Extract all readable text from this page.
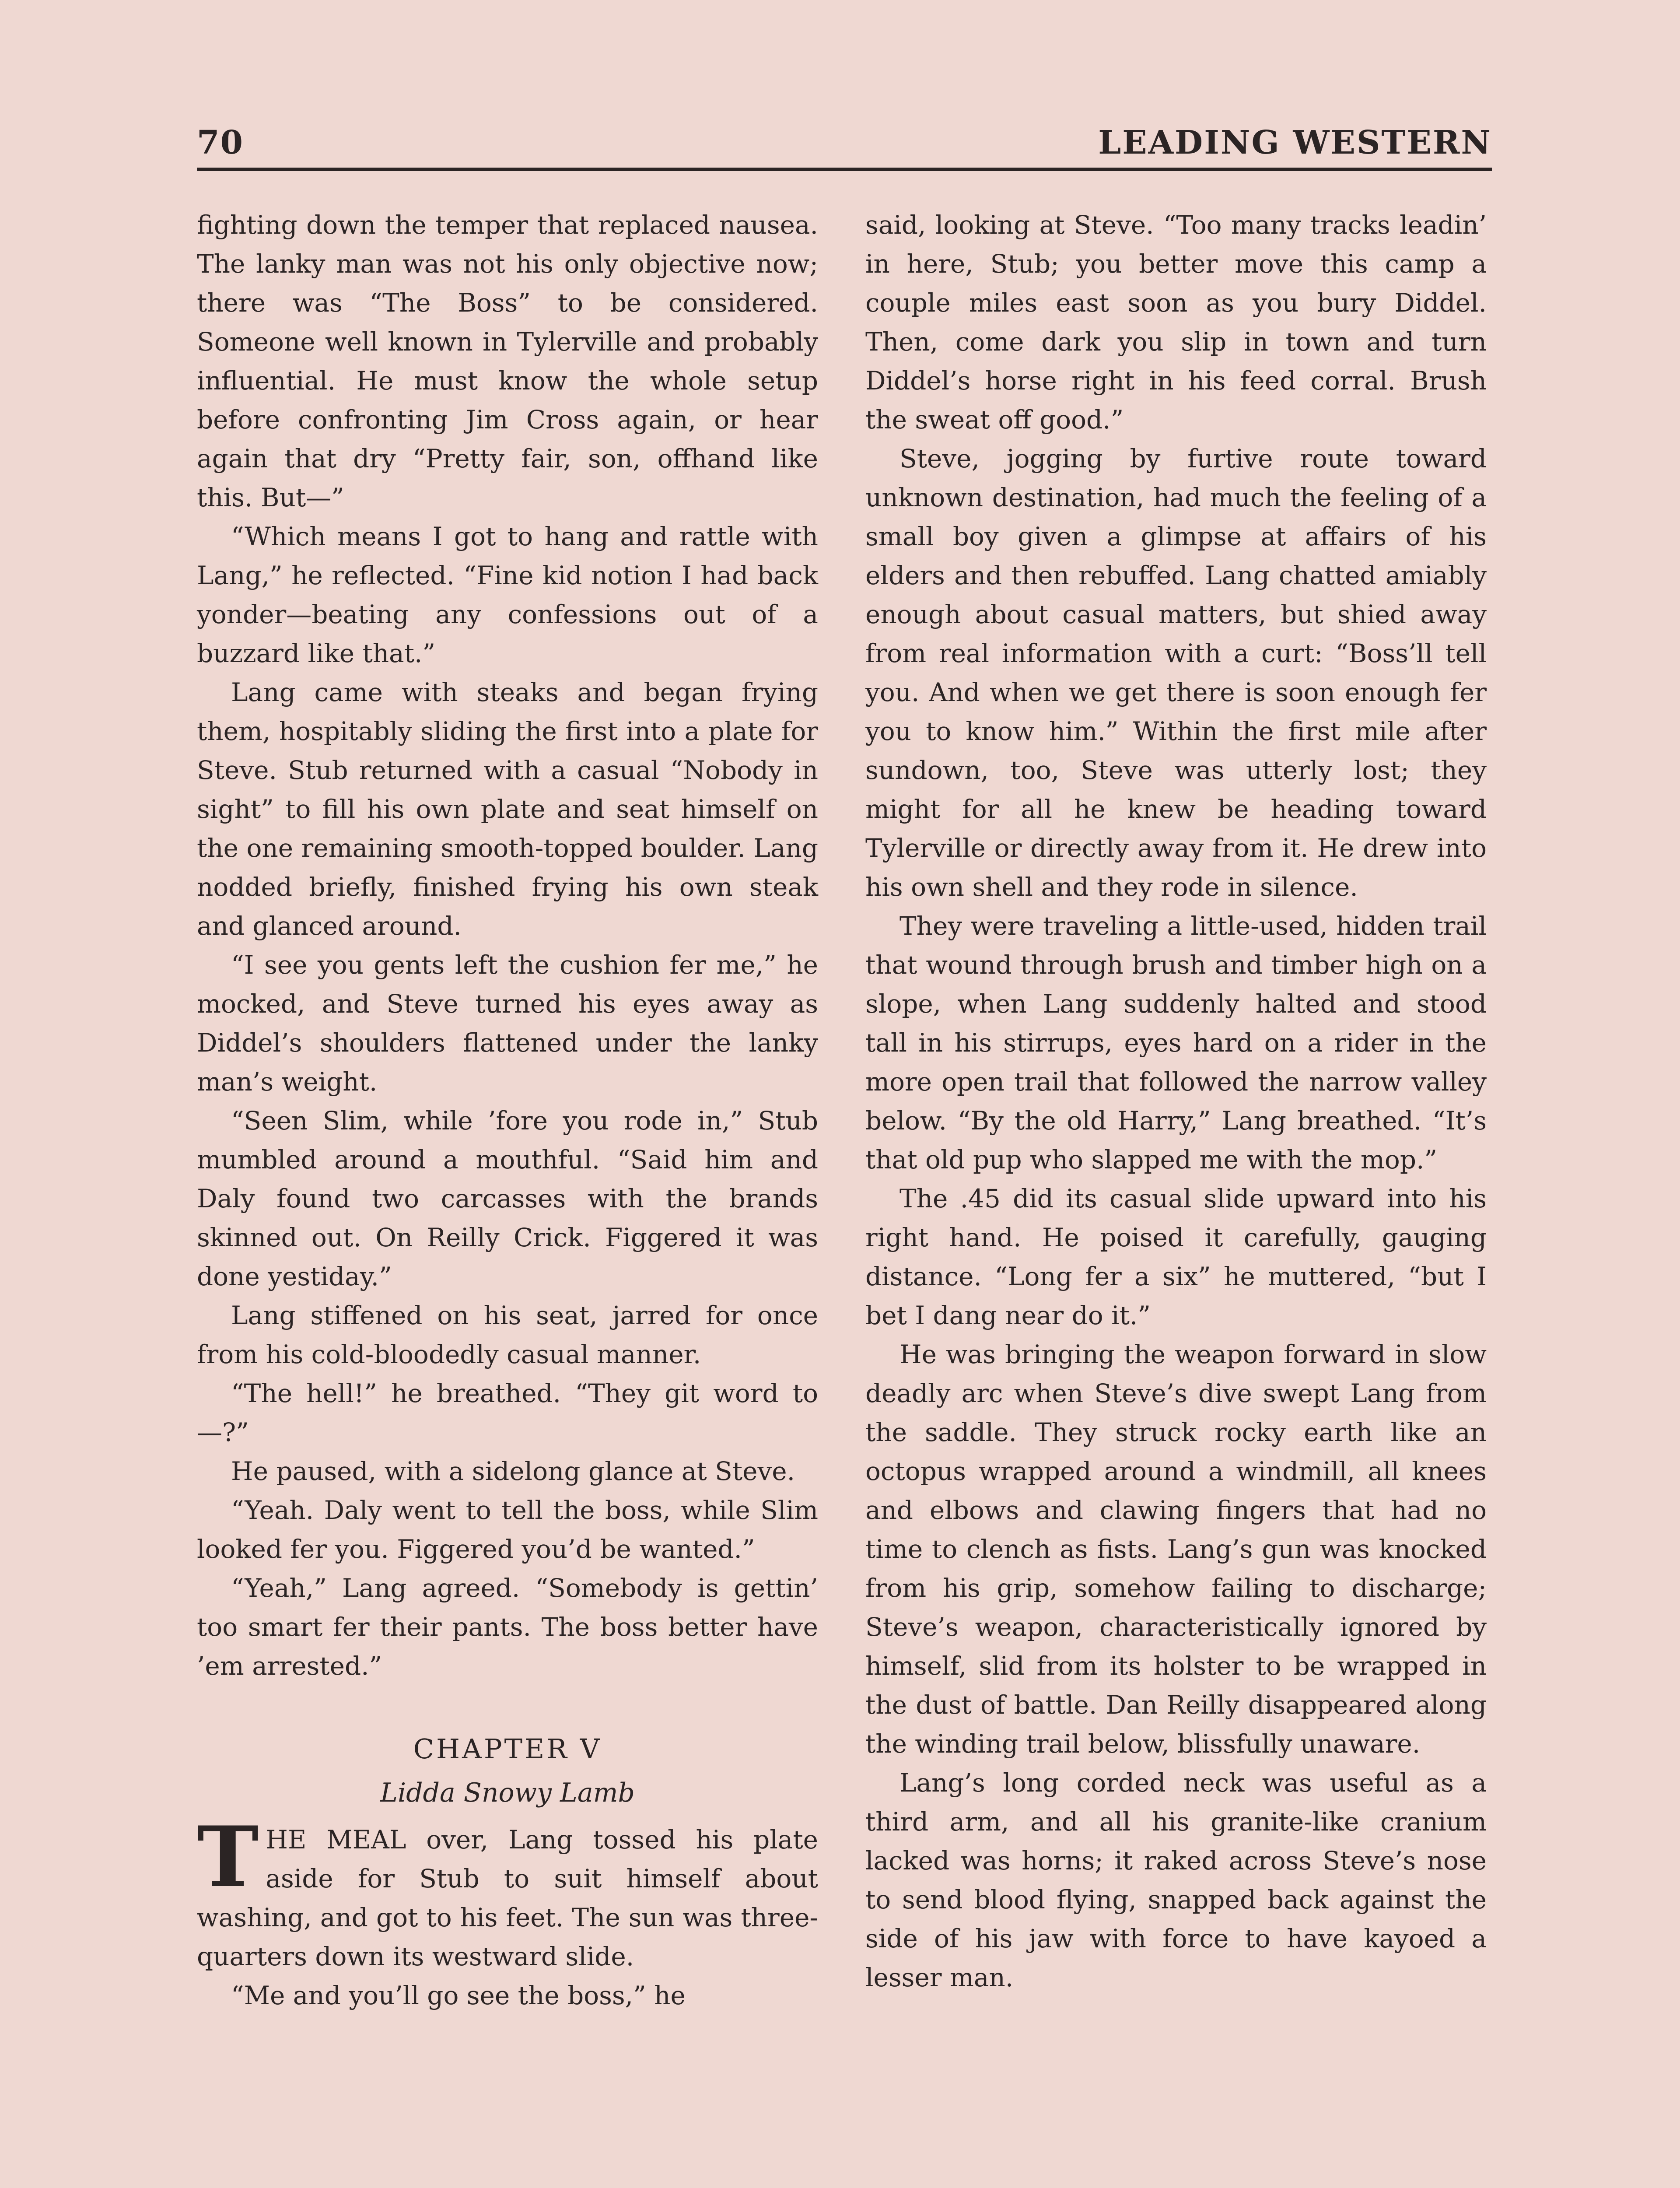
70	LEADING WESTERN

fighting down the temper that replaced nausea. The lanky man was not his only objective now; there was “The Boss” to be considered. Someone well known in Tylerville and probably influential. He must know the whole setup before confronting Jim Cross again, or hear again that dry “Pretty fair, son, offhand like this. But—”

“Which means I got to hang and rattle with Lang,” he reflected. “Fine kid notion I had back yonder—beating any confessions out of a buzzard like that.”

Lang came with steaks and began frying them, hospitably sliding the first into a plate for Steve. Stub returned with a casual “Nobody in sight” to fill his own plate and seat himself on the one remaining smooth-topped boulder. Lang nodded briefly, finished frying his own steak and glanced around.

“I see you gents left the cushion fer me,” he mocked, and Steve turned his eyes away as Diddel’s shoulders flattened under the lanky man’s weight.

“Seen Slim, while ’fore you rode in,” Stub mumbled around a mouthful. “Said him and Daly found two carcasses with the brands skinned out. On Reilly Crick. Figgered it was done yestiday.”

Lang stiffened on his seat, jarred for once from his cold-bloodedly casual manner.

“The hell!” he breathed. “They git word to—?”

He paused, with a sidelong glance at Steve.

“Yeah. Daly went to tell the boss, while Slim looked fer you. Figgered you’d be wanted.”

“Yeah,” Lang agreed. “Somebody is gettin’ too smart fer their pants. The boss better have ’em arrested.”

CHAPTER V
Lidda Snowy Lamb
T HE MEAL over, Lang tossed his plate aside for Stub to suit himself about washing, and got to his feet. The sun was three-quarters down its westward slide.

“Me and you’ll go see the boss,” he

said, looking at Steve. “Too many tracks leadin’ in here, Stub; you better move this camp a couple miles east soon as you bury Diddel. Then, come dark you slip in town and turn Diddel’s horse right in his feed corral. Brush the sweat off good.”

Steve, jogging by furtive route toward unknown destination, had much the feeling of a small boy given a glimpse at affairs of his elders and then rebuffed. Lang chatted amiably enough about casual matters, but shied away from real information with a curt: “Boss’ll tell you. And when we get there is soon enough fer you to know him.” Within the first mile after sundown, too, Steve was utterly lost; they might for all he knew be heading toward Tylerville or directly away from it. He drew into his own shell and they rode in silence.

They were traveling a little-used, hidden trail that wound through brush and timber high on a slope, when Lang suddenly halted and stood tall in his stirrups, eyes hard on a rider in the more open trail that followed the narrow valley below. “By the old Harry,” Lang breathed. “It’s that old pup who slapped me with the mop.”

The .45 did its casual slide upward into his right hand. He poised it carefully, gauging distance. “Long fer a six” he muttered, “but I bet I dang near do it.”

He was bringing the weapon forward in slow deadly arc when Steve’s dive swept Lang from the saddle. They struck rocky earth like an octopus wrapped around a windmill, all knees and elbows and clawing fingers that had no time to clench as fists. Lang’s gun was knocked from his grip, somehow failing to discharge; Steve’s weapon, characteristically ignored by himself, slid from its holster to be wrapped in the dust of battle. Dan Reilly disappeared along the winding trail below, blissfully unaware.

Lang’s long corded neck was useful as a third arm, and all his granite-like cranium lacked was horns; it raked across Steve’s nose to send blood flying, snapped back against the side of his jaw with force to have kayoed a lesser man.
